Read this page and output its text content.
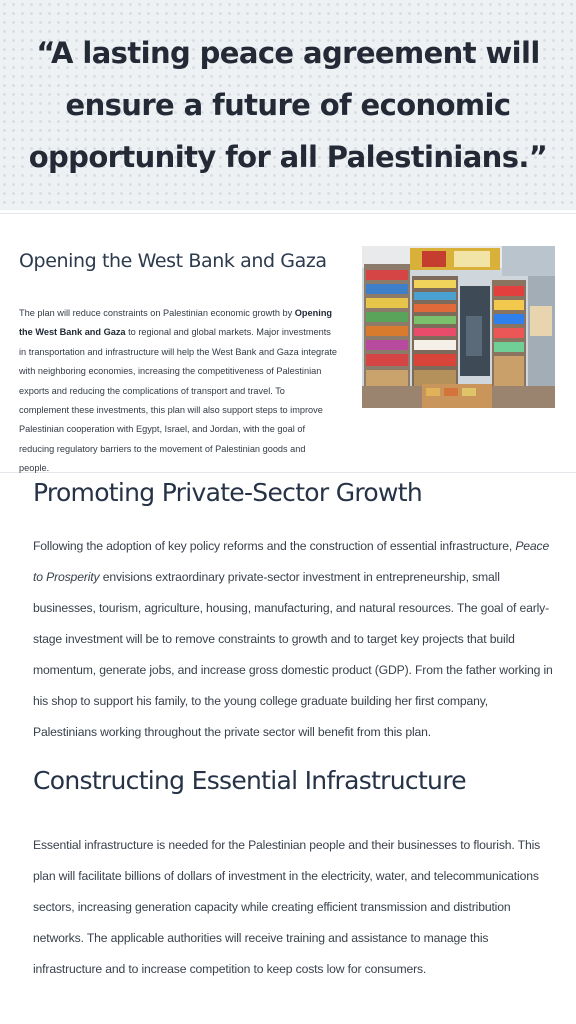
“A lasting peace agreement will ensure a future of economic opportunity for all Palestinians.”

Opening the West Bank and Gaza

The plan will reduce constraints on Palestinian economic growth by Opening the West Bank and Gaza to regional and global markets. Major investments in transportation and infrastructure will help the West Bank and Gaza integrate with neighboring economies, increasing the competitiveness of Palestinian exports and reducing the complications of transport and travel. To complement these investments, this plan will also support steps to improve Palestinian cooperation with Egypt, Israel, and Jordan, with the goal of reducing regulatory barriers to the movement of Palestinian goods and people.

Promoting Private-Sector Growth

Following the adoption of key policy reforms and the construction of essential infrastructure, Peace to Prosperity envisions extraordinary private-sector investment in entrepreneurship, small businesses, tourism, agriculture, housing, manufacturing, and natural resources. The goal of early-stage investment will be to remove constraints to growth and to target key projects that build momentum, generate jobs, and increase gross domestic product (GDP). From the father working in his shop to support his family, to the young college graduate building her first company, Palestinians working throughout the private sector will benefit from this plan.

Constructing Essential Infrastructure

Essential infrastructure is needed for the Palestinian people and their businesses to flourish. This plan will facilitate billions of dollars of investment in the electricity, water, and telecommunications sectors, increasing generation capacity while creating efficient transmission and distribution networks. The applicable authorities will receive training and assistance to manage this infrastructure and to increase competition to keep costs low for consumers.
